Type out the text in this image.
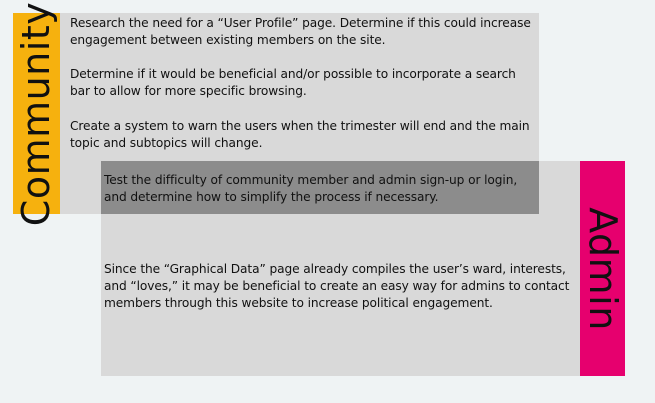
Community
Admin
Research the need for a “User Profile” page. Determine if this could increase engagement between existing members on the site.
Determine if it would be beneficial and/or possible to incorporate a search bar to allow for more specific browsing.
Create a system to warn the users when the trimester will end and the main topic and subtopics will change.
Test the difficulty of community member and admin sign-up or login, and determine how to simplify the process if necessary.
Since the “Graphical Data” page already compiles the user’s ward, interests, and “loves,” it may be beneficial to create an easy way for admins to contact members through this website to increase political engagement.
